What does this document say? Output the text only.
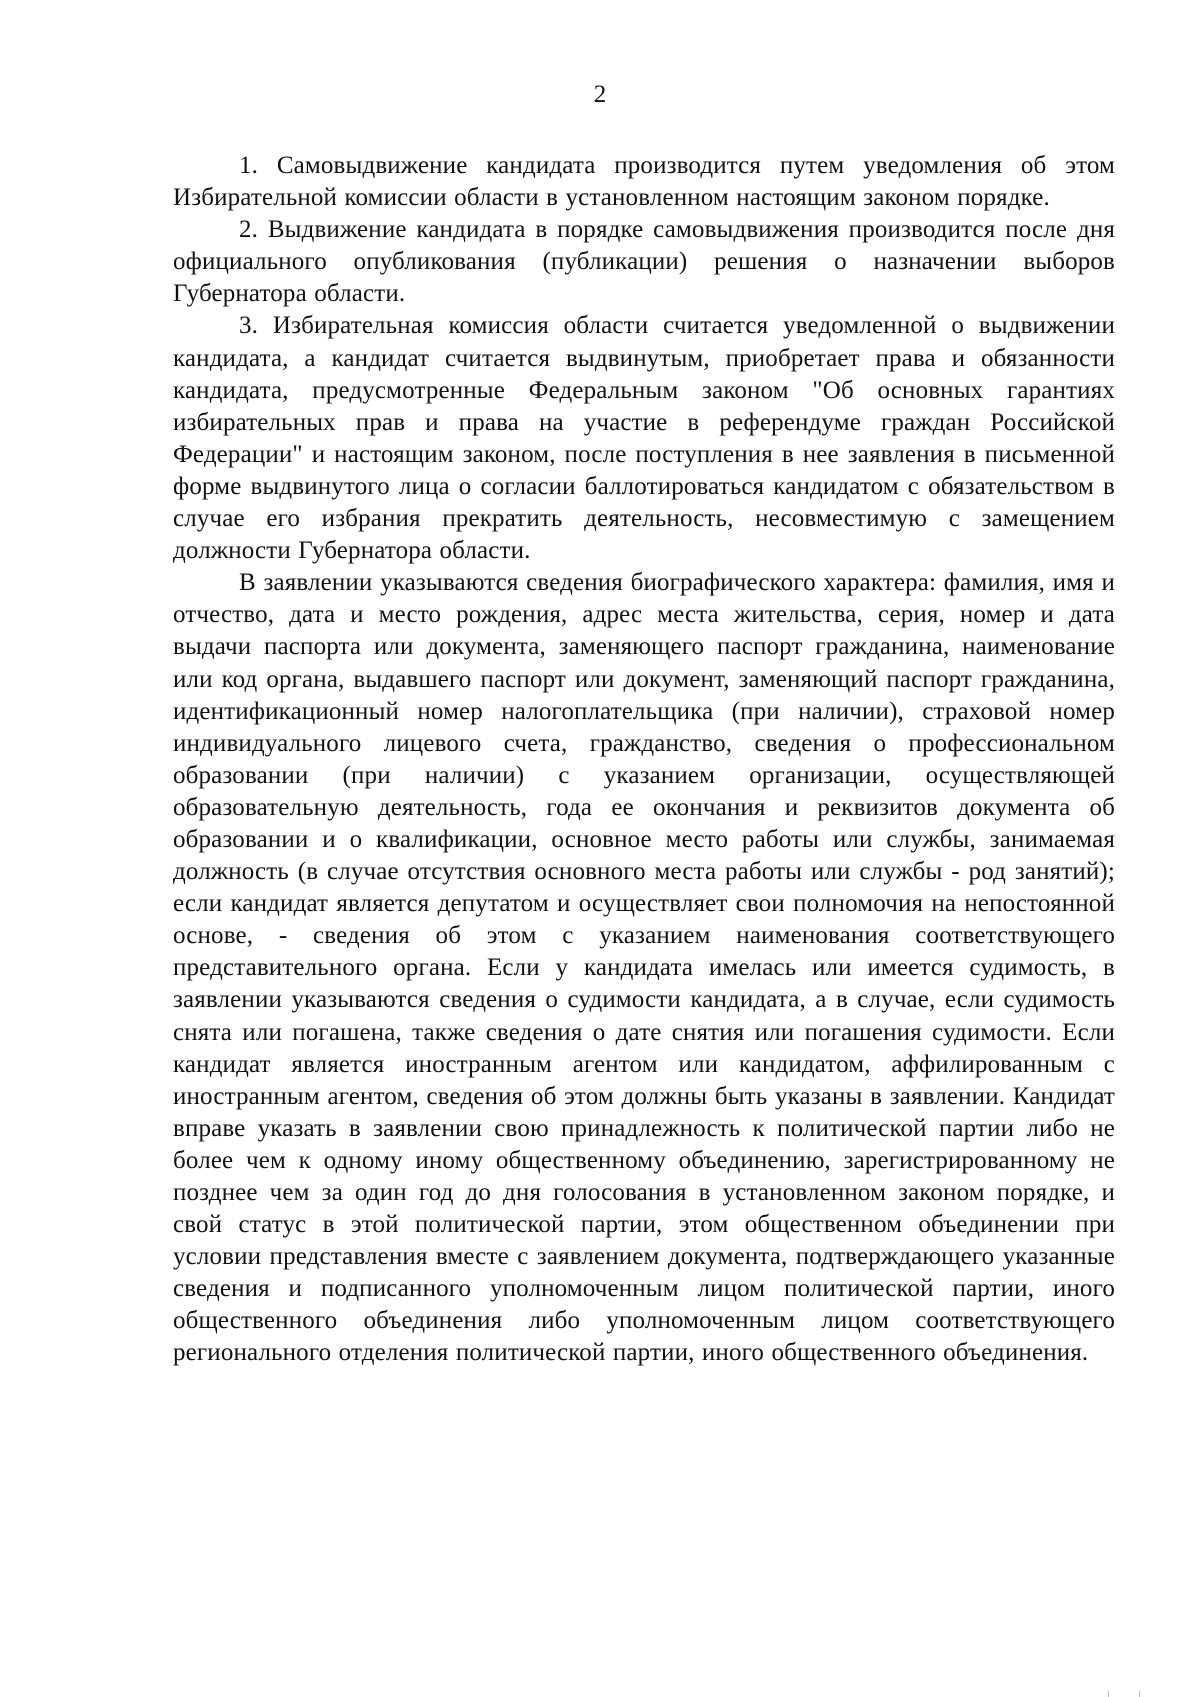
2

1. Самовыдвижение кандидата производится путем уведомления об этом Избирательной комиссии области в установленном настоящим законом порядке.

2. Выдвижение кандидата в порядке самовыдвижения производится после дня официального опубликования (публикации) решения о назначении выборов Губернатора области.

3. Избирательная комиссия области считается уведомленной о выдвижении кандидата, а кандидат считается выдвинутым, приобретает права и обязанности кандидата, предусмотренные Федеральным законом "Об основных гарантиях избирательных прав и права на участие в референдуме граждан Российской Федерации" и настоящим законом, после поступления в нее заявления в письменной форме выдвинутого лица о согласии баллотироваться кандидатом с обязательством в случае его избрания прекратить деятельность, несовместимую с замещением должности Губернатора области.

В заявлении указываются сведения биографического характера: фамилия, имя и отчество, дата и место рождения, адрес места жительства, серия, номер и дата выдачи паспорта или документа, заменяющего паспорт гражданина, наименование или код органа, выдавшего паспорт или документ, заменяющий паспорт гражданина, идентификационный номер налогоплательщика (при наличии), страховой номер индивидуального лицевого счета, гражданство, сведения о профессиональном образовании (при наличии) с указанием организации, осуществляющей образовательную деятельность, года ее окончания и реквизитов документа об образовании и о квалификации, основное место работы или службы, занимаемая должность (в случае отсутствия основного места работы или службы - род занятий); если кандидат является депутатом и осуществляет свои полномочия на непостоянной основе, - сведения об этом с указанием наименования соответствующего представительного органа. Если у кандидата имелась или имеется судимость, в заявлении указываются сведения о судимости кандидата, а в случае, если судимость снята или погашена, также сведения о дате снятия или погашения судимости. Если кандидат является иностранным агентом или кандидатом, аффилированным с иностранным агентом, сведения об этом должны быть указаны в заявлении. Кандидат вправе указать в заявлении свою принадлежность к политической партии либо не более чем к одному иному общественному объединению, зарегистрированному не позднее чем за один год до дня голосования в установленном законом порядке, и свой статус в этой политической партии, этом общественном объединении при условии представления вместе с заявлением документа, подтверждающего указанные сведения и подписанного уполномоченным лицом политической партии, иного общественного объединения либо уполномоченным лицом соответствующего регионального отделения политической партии, иного общественного объединения.
